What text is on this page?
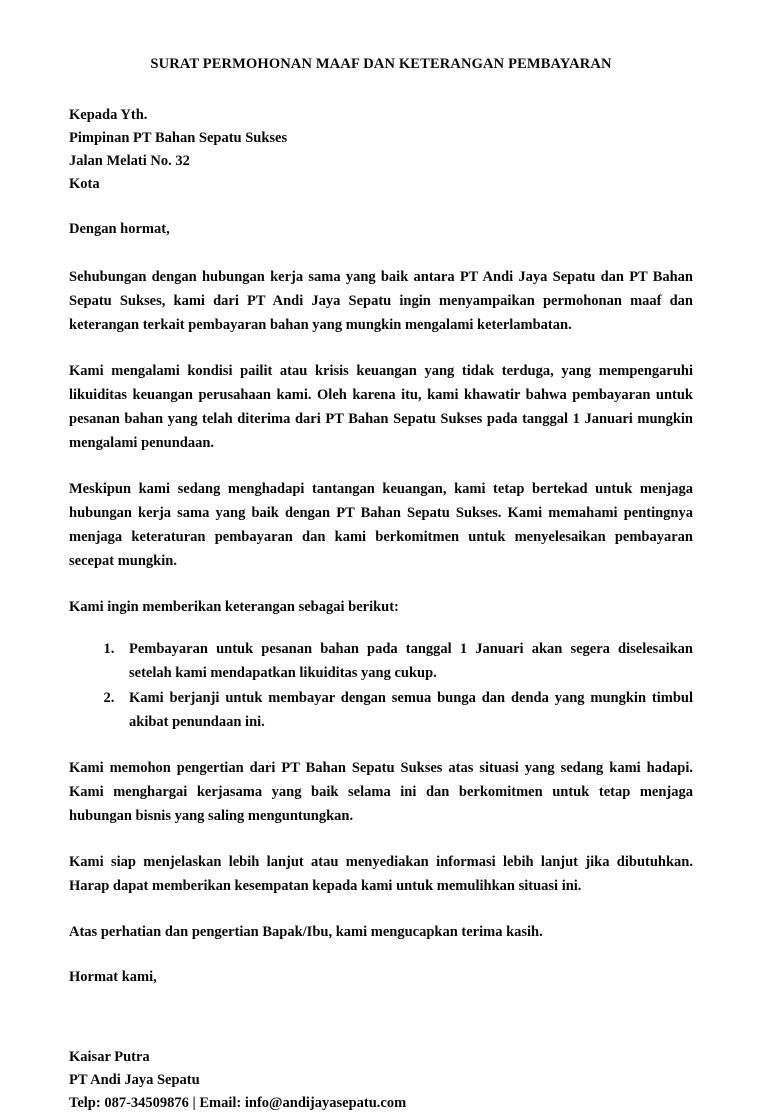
SURAT PERMOHONAN MAAF DAN KETERANGAN PEMBAYARAN

Kepada Yth.

Pimpinan PT Bahan Sepatu Sukses

Jalan Melati No. 32

Kota

Dengan hormat,

Sehubungan dengan hubungan kerja sama yang baik antara PT Andi Jaya Sepatu dan PT Bahan Sepatu Sukses, kami dari PT Andi Jaya Sepatu ingin menyampaikan permohonan maaf dan keterangan terkait pembayaran bahan yang mungkin mengalami keterlambatan.

Kami mengalami kondisi pailit atau krisis keuangan yang tidak terduga, yang mempengaruhi likuiditas keuangan perusahaan kami. Oleh karena itu, kami khawatir bahwa pembayaran untuk pesanan bahan yang telah diterima dari PT Bahan Sepatu Sukses pada tanggal 1 Januari mungkin mengalami penundaan.

Meskipun kami sedang menghadapi tantangan keuangan, kami tetap bertekad untuk menjaga hubungan kerja sama yang baik dengan PT Bahan Sepatu Sukses. Kami memahami pentingnya menjaga keteraturan pembayaran dan kami berkomitmen untuk menyelesaikan pembayaran secepat mungkin.

Kami ingin memberikan keterangan sebagai berikut:

1. Pembayaran untuk pesanan bahan pada tanggal 1 Januari akan segera diselesaikan setelah kami mendapatkan likuiditas yang cukup.
2. Kami berjanji untuk membayar dengan semua bunga dan denda yang mungkin timbul akibat penundaan ini.

Kami memohon pengertian dari PT Bahan Sepatu Sukses atas situasi yang sedang kami hadapi. Kami menghargai kerjasama yang baik selama ini dan berkomitmen untuk tetap menjaga hubungan bisnis yang saling menguntungkan.

Kami siap menjelaskan lebih lanjut atau menyediakan informasi lebih lanjut jika dibutuhkan. Harap dapat memberikan kesempatan kepada kami untuk memulihkan situasi ini.

Atas perhatian dan pengertian Bapak/Ibu, kami mengucapkan terima kasih.

Hormat kami,

Kaisar Putra

PT Andi Jaya Sepatu

Telp: 087-34509876 | Email: info@andijayasepatu.com
